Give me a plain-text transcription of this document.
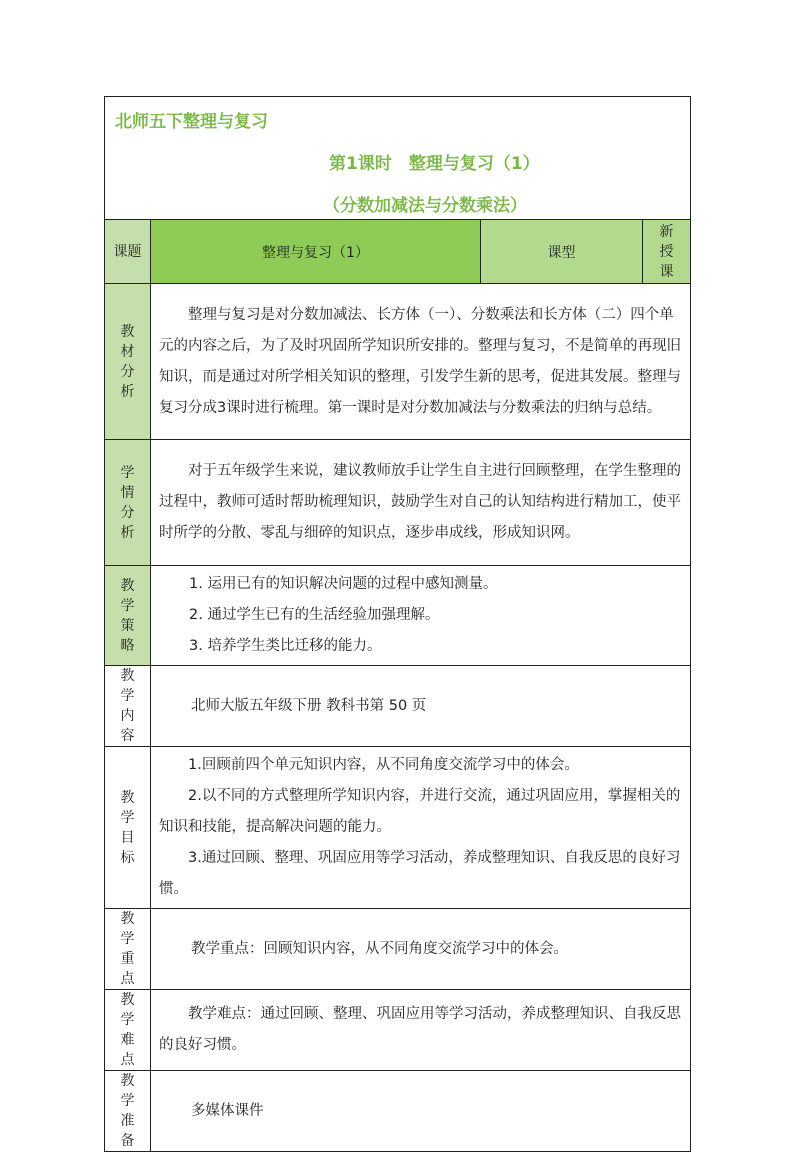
北师五下整理与复习
第1课时　整理与复习（1）
（分数加减法与分数乘法）			

课题	整理与复习（1）	课型	新授课
教材分析	整理与复习是对分数加减法、长方体（一）、分数乘法和长方体（二）四个单元的内容之后，为了及时巩固所学知识所安排的。整理与复习，不是简单的再现旧知识，而是通过对所学相关知识的整理，引发学生新的思考，促进其发展。整理与复习分成3课时进行梳理。第一课时是对分数加减法与分数乘法的归纳与总结。		

学情分析	对于五年级学生来说，建议教师放手让学生自主进行回顾整理，在学生整理的过程中，教师可适时帮助梳理知识，鼓励学生对自己的认知结构进行精加工，使平时所学的分散、零乱与细碎的知识点，逐步串成线，形成知识网。		

教学策略	1. 运用已有的知识解决问题的过程中感知测量。
2. 通过学生已有的生活经验加强理解。
3. 培养学生类比迁移的能力。		

教学内容	北师大版五年级下册 教科书第 50 页		

教学目标	1.回顾前四个单元知识内容，从不同角度交流学习中的体会。
2.以不同的方式整理所学知识内容，并进行交流，通过巩固应用，掌握相关的知识和技能，提高解决问题的能力。
3.通过回顾、整理、巩固应用等学习活动，养成整理知识、自我反思的良好习惯。		

教学重点	教学重点：回顾知识内容，从不同角度交流学习中的体会。		

教学难点	教学难点：通过回顾、整理、巩固应用等学习活动，养成整理知识、自我反思的良好习惯。		

教学准备	多媒体课件		
